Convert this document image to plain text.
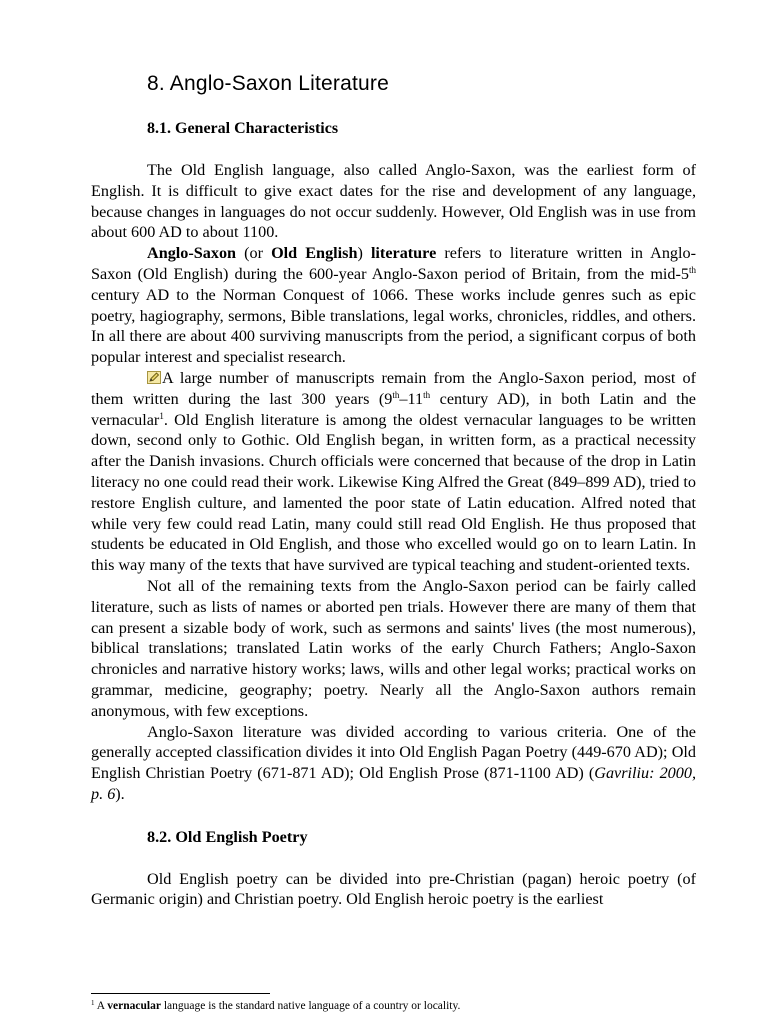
8. Anglo-Saxon Literature
8.1. General Characteristics

The Old English language, also called Anglo-Saxon, was the earliest form of English. It is difficult to give exact dates for the rise and development of any language, because changes in languages do not occur suddenly. However, Old English was in use from about 600 AD to about 1100.

Anglo-Saxon (or Old English) literature refers to literature written in Anglo-Saxon (Old English) during the 600-year Anglo-Saxon period of Britain, from the mid-5th century AD to the Norman Conquest of 1066. These works include genres such as epic poetry, hagiography, sermons, Bible translations, legal works, chronicles, riddles, and others. In all there are about 400 surviving manuscripts from the period, a significant corpus of both popular interest and specialist research.

A large number of manuscripts remain from the Anglo-Saxon period, most of them written during the last 300 years (9th–11th century AD), in both Latin and the vernacular$^1$. Old English literature is among the oldest vernacular languages to be written down, second only to Gothic. Old English began, in written form, as a practical necessity after the Danish invasions. Church officials were concerned that because of the drop in Latin literacy no one could read their work. Likewise King Alfred the Great (849–899 AD), tried to restore English culture, and lamented the poor state of Latin education. Alfred noted that while very few could read Latin, many could still read Old English. He thus proposed that students be educated in Old English, and those who excelled would go on to learn Latin. In this way many of the texts that have survived are typical teaching and student-oriented texts.

Not all of the remaining texts from the Anglo-Saxon period can be fairly called literature, such as lists of names or aborted pen trials. However there are many of them that can present a sizable body of work, such as sermons and saints' lives (the most numerous), biblical translations; translated Latin works of the early Church Fathers; Anglo-Saxon chronicles and narrative history works; laws, wills and other legal works; practical works on grammar, medicine, geography; poetry. Nearly all the Anglo-Saxon authors remain anonymous, with few exceptions.

Anglo-Saxon literature was divided according to various criteria. One of the generally accepted classification divides it into Old English Pagan Poetry (449-670 AD); Old English Christian Poetry (671-871 AD); Old English Prose (871-1100 AD) (Gavriliu: 2000, p. 6).

8.2. Old English Poetry

Old English poetry can be divided into pre-Christian (pagan) heroic poetry (of Germanic origin) and Christian poetry. Old English heroic poetry is the earliest

$^1$ A vernacular language is the standard native language of a country or locality.
